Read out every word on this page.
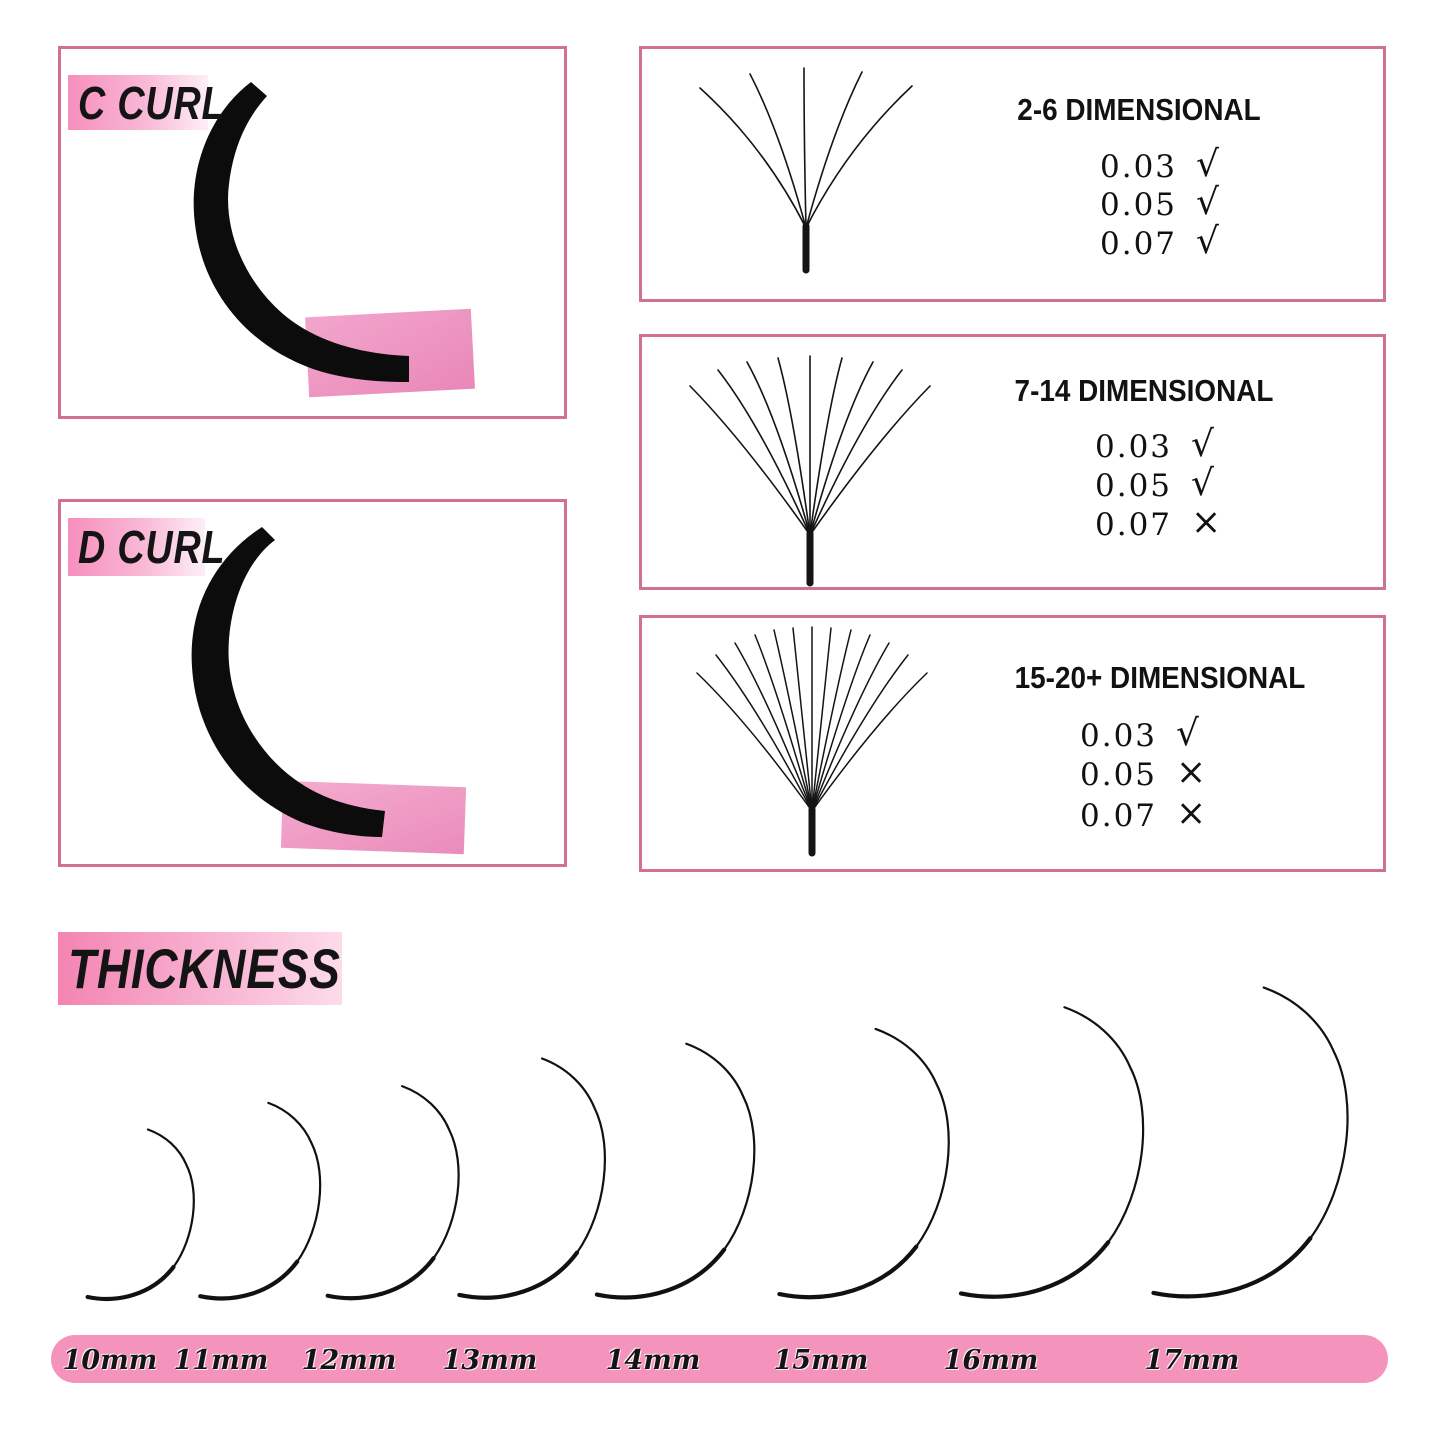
C CURL
D CURL
2-6 DIMENSIONAL
0.03 √
0.05 √
0.07 √
7-14 DIMENSIONAL
0.03 √
0.05 √
0.07 ×
15-20+ DIMENSIONAL
0.03 √
0.05 ×
0.07 ×
THICKNESS
10mm 11mm 12mm 13mm	14mm	15mm	16mm	17mm
